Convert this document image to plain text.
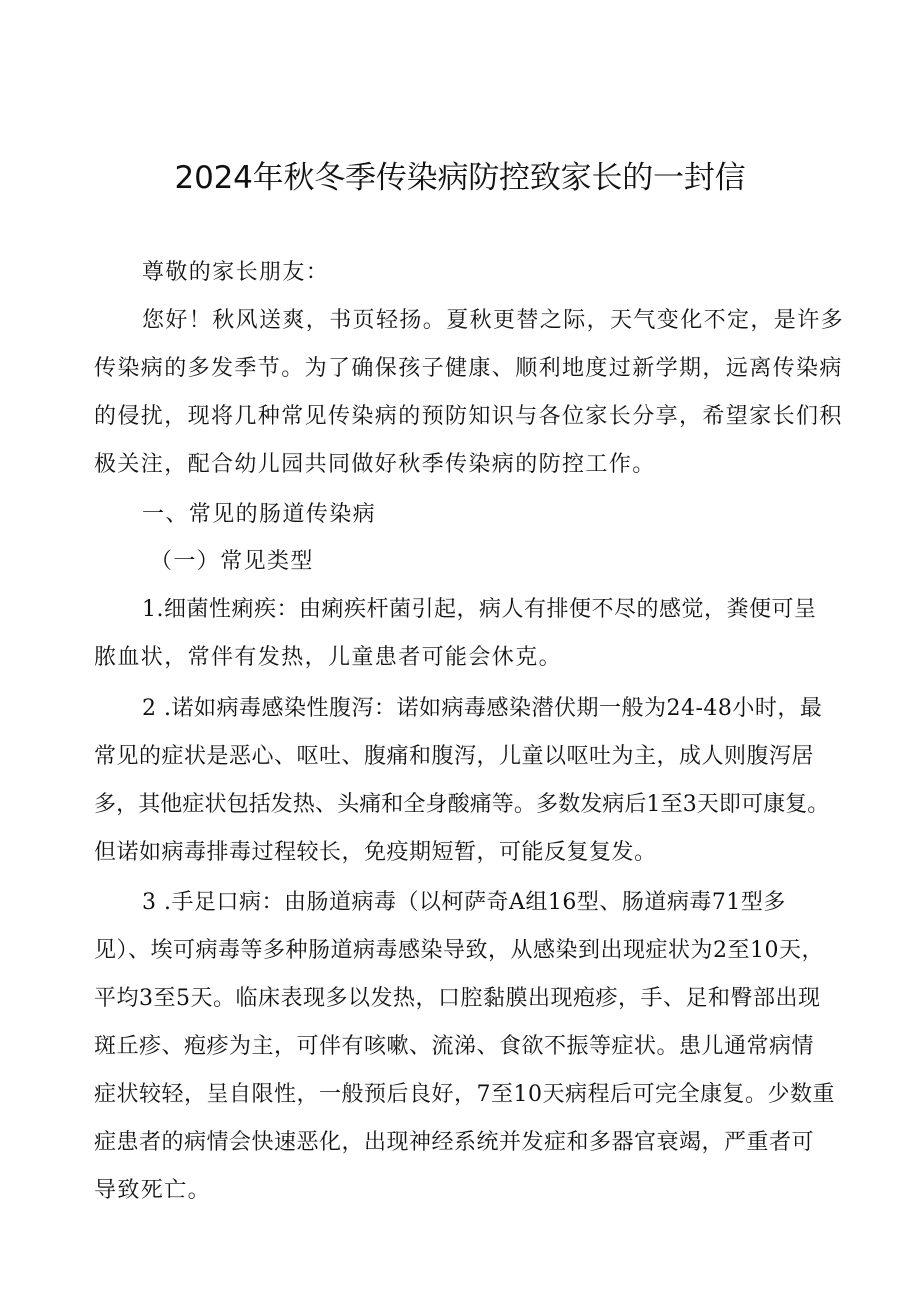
2024年秋冬季传染病防控致家长的一封信
尊敬的家长朋友：
您好！秋风送爽，书页轻扬。夏秋更替之际，天气变化不定，是许多
传染病的多发季节。为了确保孩子健康、顺利地度过新学期，远离传染病
的侵扰，现将几种常见传染病的预防知识与各位家长分享，希望家长们积
极关注，配合幼儿园共同做好秋季传染病的防控工作。
一、常见的肠道传染病
（一）常见类型
1.细菌性痢疾：由痢疾杆菌引起，病人有排便不尽的感觉，粪便可呈
脓血状，常伴有发热，儿童患者可能会休克。
2 .诺如病毒感染性腹泻：诺如病毒感染潜伏期一般为24-48小时，最
常见的症状是恶心、呕吐、腹痛和腹泻，儿童以呕吐为主，成人则腹泻居
多，其他症状包括发热、头痛和全身酸痛等。多数发病后1至3天即可康复。
但诺如病毒排毒过程较长，免疫期短暂，可能反复复发。
3 .手足口病：由肠道病毒（以柯萨奇A组16型、肠道病毒71型多
见）、埃可病毒等多种肠道病毒感染导致，从感染到出现症状为2至10天，
平均3至5天。临床表现多以发热，口腔黏膜出现疱疹，手、足和臀部出现
斑丘疹、疱疹为主，可伴有咳嗽、流涕、食欲不振等症状。患儿通常病情
症状较轻，呈自限性，一般预后良好，7至10天病程后可完全康复。少数重
症患者的病情会快速恶化，出现神经系统并发症和多器官衰竭，严重者可
导致死亡。
